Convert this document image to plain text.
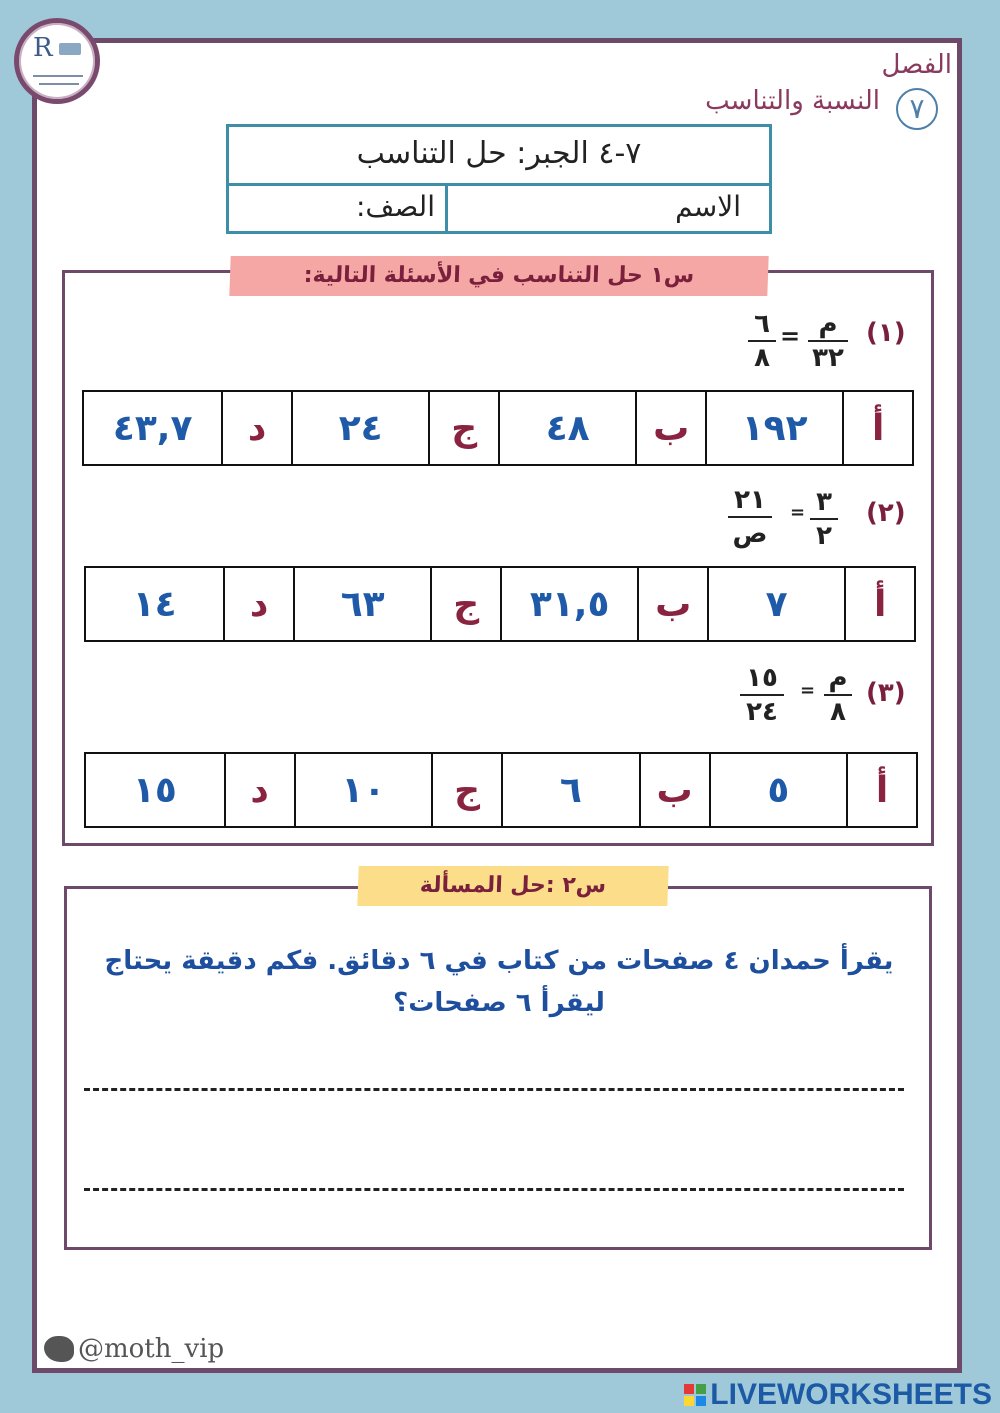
R
الفصل
٧
النسبة والتناسب
٧-٤ الجبر: حل التناسب
الاسم
الصف:
س١ حل التناسب في الأسئلة التالية:
(١)
م
٣٢
=
٦
٨
أ
١٩٢
ب
٤٨
ج
٢٤
د
٤٣,٧
(٢)
٣
٢
=
٢١
ص
أ
٧
ب
٣١,٥
ج
٦٣
د
١٤
(٣)
م
٨
=
١٥
٢٤
أ
٥
ب
٦
ج
١٠
د
١٥
س٢ :حل المسألة
يقرأ حمدان ٤ صفحات من كتاب في ٦ دقائق. فكم دقيقة يحتاج ليقرأ ٦ صفحات؟
@moth_vip
LIVEWORKSHEETS
